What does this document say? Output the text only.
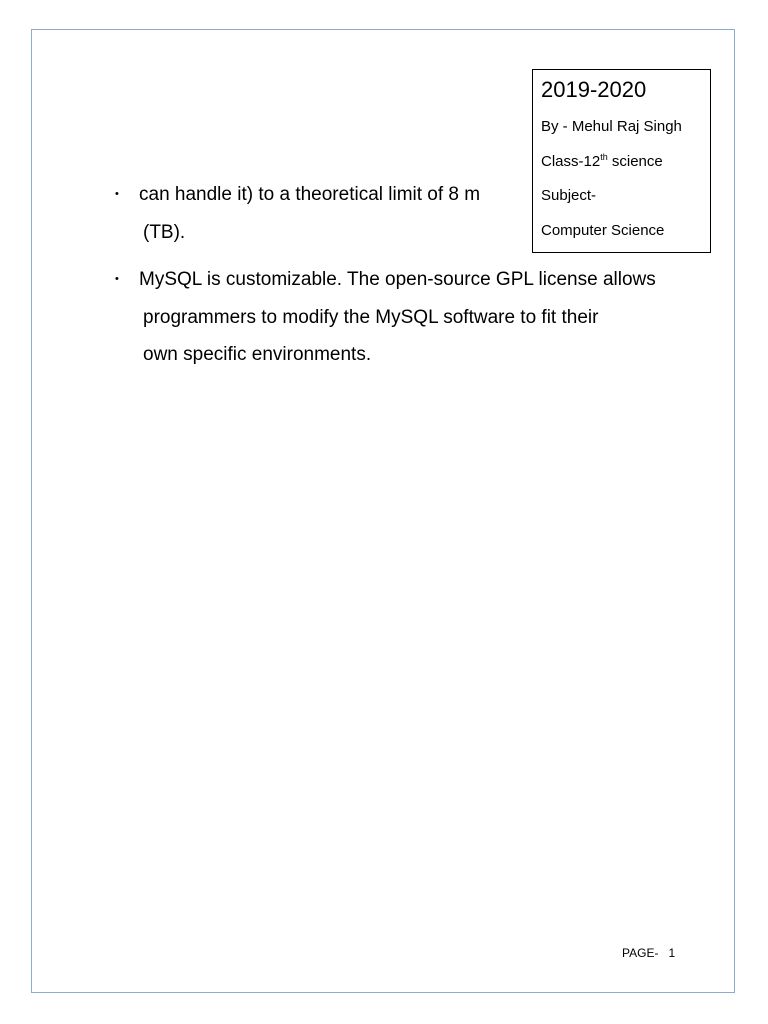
• can handle it) to a theoretical limit of 8 m
(TB).
• MySQL is customizable. The open-source GPL license allows
programmers to modify the MySQL software to fit their
own specific environments.
2019-2020
By - Mehul Raj Singh
Class-12th science
Subject-
Computer Science
PAGE-   1
